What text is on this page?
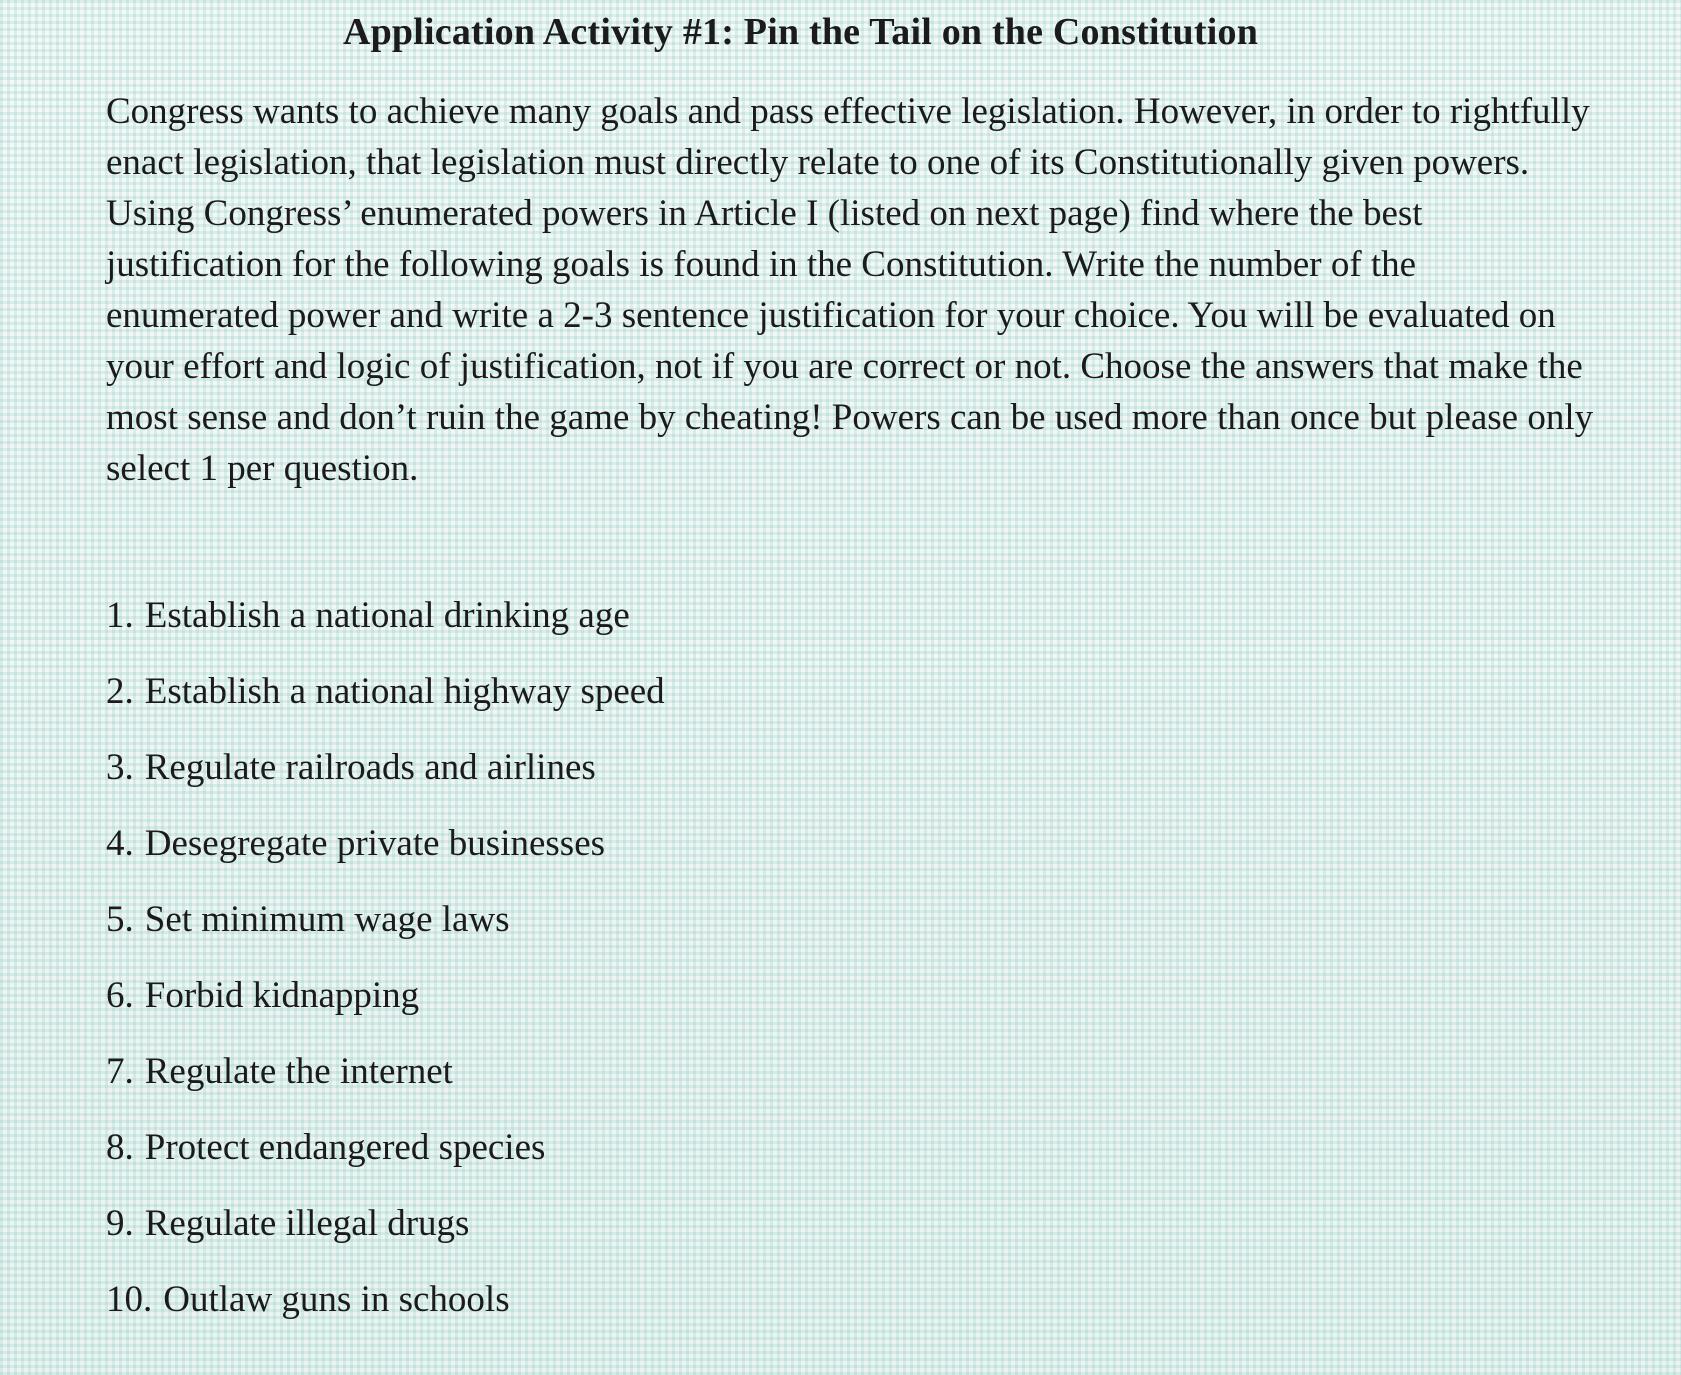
Application Activity #1: Pin the Tail on the Constitution

Congress wants to achieve many goals and pass effective legislation. However, in order to rightfully enact legislation, that legislation must directly relate to one of its Constitutionally given powers. Using Congress’ enumerated powers in Article I (listed on next page) find where the best justification for the following goals is found in the Constitution. Write the number of the enumerated power and write a 2-3 sentence justification for your choice. You will be evaluated on your effort and logic of justification, not if you are correct or not. Choose the answers that make the most sense and don’t ruin the game by cheating! Powers can be used more than once but please only select 1 per question.

1. Establish a national drinking age
2. Establish a national highway speed
3. Regulate railroads and airlines
4. Desegregate private businesses
5. Set minimum wage laws
6. Forbid kidnapping
7. Regulate the internet
8. Protect endangered species
9. Regulate illegal drugs
10. Outlaw guns in schools
